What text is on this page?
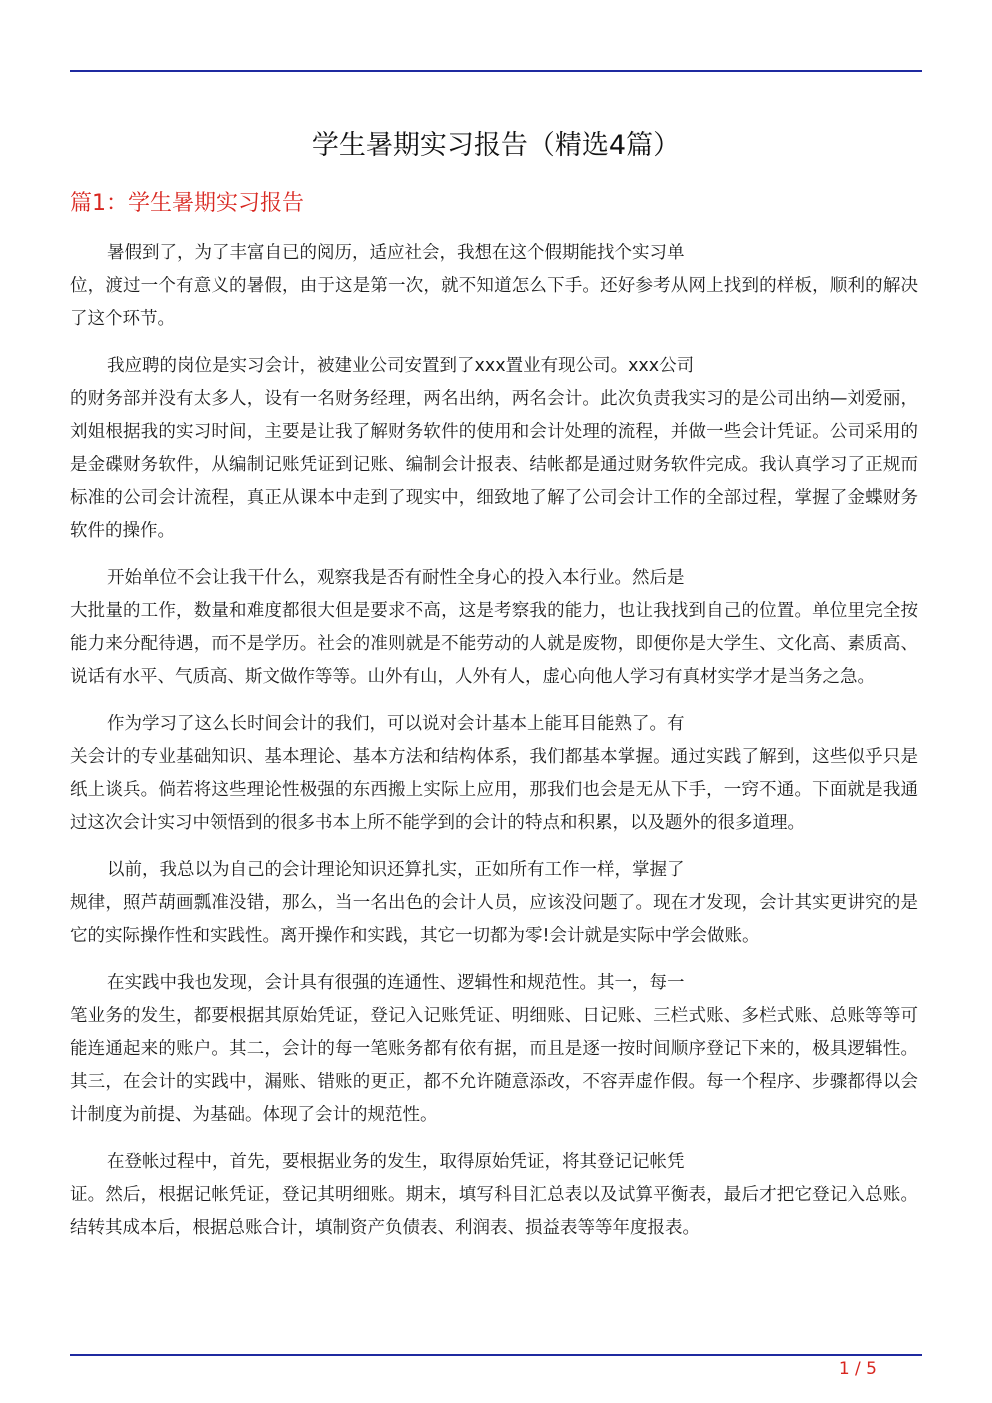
学生暑期实习报告（精选4篇）
篇1：学生暑期实习报告

暑假到了，为了丰富自已的阅历，适应社会，我想在这个假期能找个实习单
位，渡过一个有意义的暑假，由于这是第一次，就不知道怎么下手。还好参考从网上找到的样板，顺利的解决了这个环节。

我应聘的岗位是实习会计，被建业公司安置到了xxx置业有现公司。xxx公司
的财务部并没有太多人，设有一名财务经理，两名出纳，两名会计。此次负责我实习的是公司出纳—刘爱丽，刘姐根据我的实习时间，主要是让我了解财务软件的使用和会计处理的流程，并做一些会计凭证。公司采用的是金碟财务软件，从编制记账凭证到记账、编制会计报表、结帐都是通过财务软件完成。我认真学习了正规而标准的公司会计流程，真正从课本中走到了现实中，细致地了解了公司会计工作的全部过程，掌握了金蝶财务软件的操作。

开始单位不会让我干什么，观察我是否有耐性全身心的投入本行业。然后是
大批量的工作，数量和难度都很大但是要求不高，这是考察我的能力，也让我找到自己的位置。单位里完全按能力来分配待遇，而不是学历。社会的准则就是不能劳动的人就是废物，即便你是大学生、文化高、素质高、说话有水平、气质高、斯文做作等等。山外有山，人外有人，虚心向他人学习有真材实学才是当务之急。

作为学习了这么长时间会计的我们，可以说对会计基本上能耳目能熟了。有
关会计的专业基础知识、基本理论、基本方法和结构体系，我们都基本掌握。通过实践了解到，这些似乎只是纸上谈兵。倘若将这些理论性极强的东西搬上实际上应用，那我们也会是无从下手，一窍不通。下面就是我通过这次会计实习中领悟到的很多书本上所不能学到的会计的特点和积累，以及题外的很多道理。

以前，我总以为自己的会计理论知识还算扎实，正如所有工作一样，掌握了
规律，照芦葫画瓢准没错，那么，当一名出色的会计人员，应该没问题了。现在才发现，会计其实更讲究的是它的实际操作性和实践性。离开操作和实践，其它一切都为零!会计就是实际中学会做账。

在实践中我也发现，会计具有很强的连通性、逻辑性和规范性。其一，每一
笔业务的发生，都要根据其原始凭证，登记入记账凭证、明细账、日记账、三栏式账、多栏式账、总账等等可能连通起来的账户。其二，会计的每一笔账务都有依有据，而且是逐一按时间顺序登记下来的，极具逻辑性。其三，在会计的实践中，漏账、错账的更正，都不允许随意添改，不容弄虚作假。每一个程序、步骤都得以会计制度为前提、为基础。体现了会计的规范性。

在登帐过程中，首先，要根据业务的发生，取得原始凭证，将其登记记帐凭
证。然后，根据记帐凭证，登记其明细账。期末，填写科目汇总表以及试算平衡表，最后才把它登记入总账。结转其成本后，根据总账合计，填制资产负债表、利润表、损益表等等年度报表。

1 / 5
